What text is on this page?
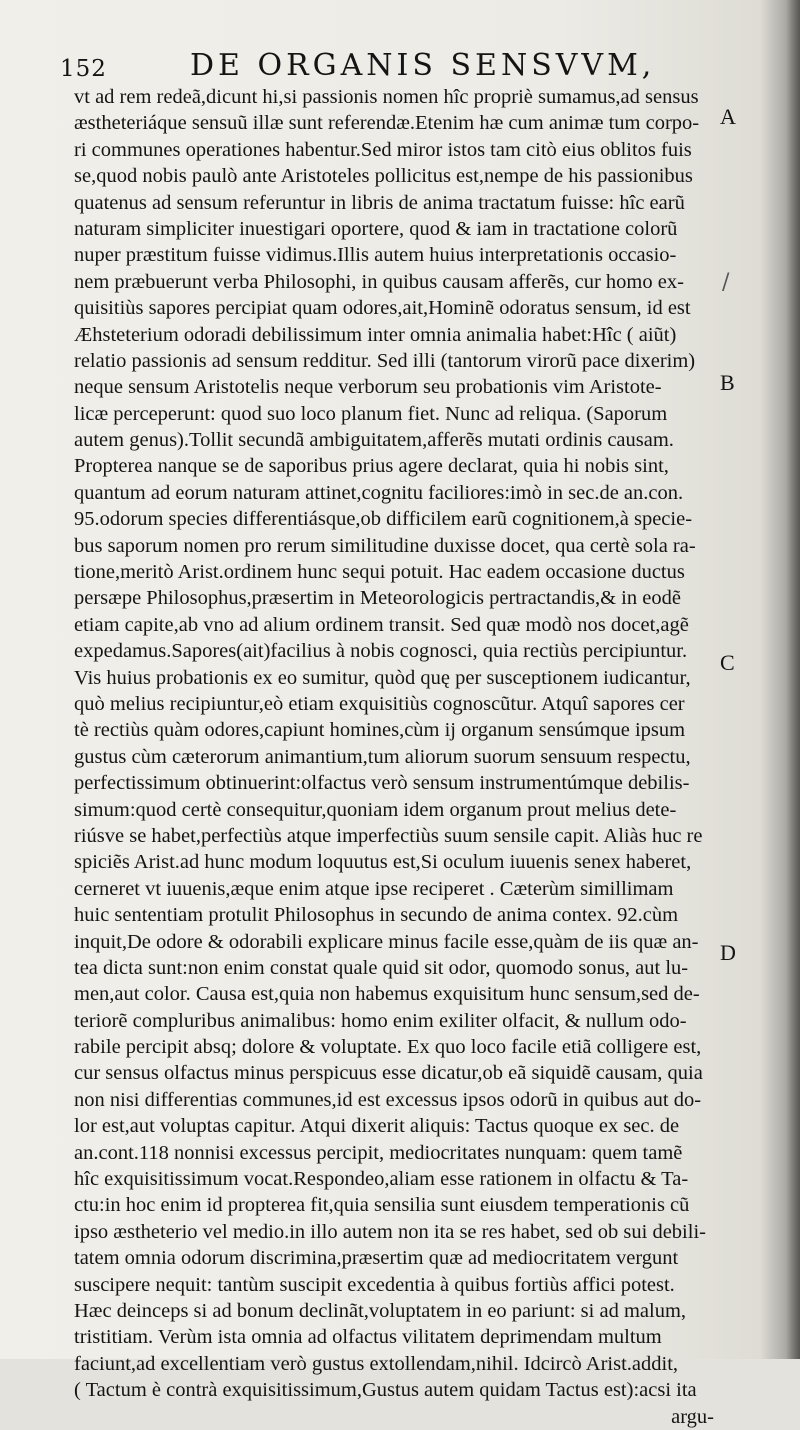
152	DE ORGANIS SENSVVM,
vt ad rem redeã,dicunt hi,si passionis nomen hîc propriè sumamus,ad sensus
æstheteriáque sensuũ illæ sunt referendæ.Etenim hæ cum animæ tum corpo-
ri communes operationes habentur.Sed miror istos tam citò eius oblitos fuis
se,quod nobis paulò ante Aristoteles pollicitus est,nempe de his passionibus
quatenus ad sensum referuntur in libris de anima tractatum fuisse: hîc earũ
naturam simpliciter inuestigari oportere, quod & iam in tractatione colorũ
nuper præstitum fuisse vidimus.Illis autem huius interpretationis occasio-
nem præbuerunt verba Philosophi, in quibus causam afferẽs, cur homo ex-
quisitiùs sapores percipiat quam odores,ait,Hominẽ odoratus sensum, id est
Æhsteterium odoradi debilissimum inter omnia animalia habet:Hîc ( aiũt)
relatio passionis ad sensum redditur. Sed illi (tantorum virorũ pace dixerim)
neque sensum Aristotelis neque verborum seu probationis vim Aristote-
licæ perceperunt: quod suo loco planum fiet. Nunc ad reliqua. (Saporum
autem genus).Tollit secundã ambiguitatem,afferẽs mutati ordinis causam.
Propterea nanque se de saporibus prius agere declarat, quia hi nobis sint,
quantum ad eorum naturam attinet,cognitu faciliores:imò in sec.de an.con.
95.odorum species differentiásque,ob difficilem earũ cognitionem,à specie-
bus saporum nomen pro rerum similitudine duxisse docet, qua certè sola ra-
tione,meritò Arist.ordinem hunc sequi potuit. Hac eadem occasione ductus
persæpe Philosophus,præsertim in Meteorologicis pertractandis,& in eodẽ
etiam capite,ab vno ad alium ordinem transit. Sed quæ modò nos docet,agẽ
expedamus.Sapores(ait)facilius à nobis cognosci, quia rectiùs percipiuntur.
Vis huius probationis ex eo sumitur, quòd quę per susceptionem iudicantur,
quò melius recipiuntur,eò etiam exquisitiùs cognoscũtur. Atquî sapores cer
tè rectiùs quàm odores,capiunt homines,cùm ij organum sensúmque ipsum
gustus cùm cæterorum animantium,tum aliorum suorum sensuum respectu,
perfectissimum obtinuerint:olfactus verò sensum instrumentúmque debilis-
simum:quod certè consequitur,quoniam idem organum prout melius dete-
riúsve se habet,perfectiùs atque imperfectiùs suum sensile capit. Aliàs huc re
spiciẽs Arist.ad hunc modum loquutus est,Si oculum iuuenis senex haberet,
cerneret vt iuuenis,æque enim atque ipse reciperet . Cæterùm simillimam
huic sententiam protulit Philosophus in secundo de anima contex. 92.cùm
inquit,De odore & odorabili explicare minus facile esse,quàm de iis quæ an-
tea dicta sunt:non enim constat quale quid sit odor, quomodo sonus, aut lu-
men,aut color. Causa est,quia non habemus exquisitum hunc sensum,sed de-
teriorẽ compluribus animalibus: homo enim exiliter olfacit, & nullum odo-
rabile percipit absq; dolore & voluptate. Ex quo loco facile etiã colligere est,
cur sensus olfactus minus perspicuus esse dicatur,ob eã siquidẽ causam, quia
non nisi differentias communes,id est excessus ipsos odorũ in quibus aut do-
lor est,aut voluptas capitur. Atqui dixerit aliquis: Tactus quoque ex sec. de
an.cont.118 nonnisi excessus percipit, mediocritates nunquam: quem tamẽ
hîc exquisitissimum vocat.Respondeo,aliam esse rationem in olfactu & Ta-
ctu:in hoc enim id propterea fit,quia sensilia sunt eiusdem temperationis cũ
ipso æstheterio vel medio.in illo autem non ita se res habet, sed ob sui debili-
tatem omnia odorum discrimina,præsertim quæ ad mediocritatem vergunt
suscipere nequit: tantùm suscipit excedentia à quibus fortiùs affici potest.
Hæc deinceps si ad bonum declinãt,voluptatem in eo pariunt: si ad malum,
tristitiam. Verùm ista omnia ad olfactus vilitatem deprimendam multum
faciunt,ad excellentiam verò gustus extollendam,nihil. Idcircò Arist.addit,
( Tactum è contrà exquisitissimum,Gustus autem quidam Tactus est):acsi ita
argu-
A
B
C
D
/
